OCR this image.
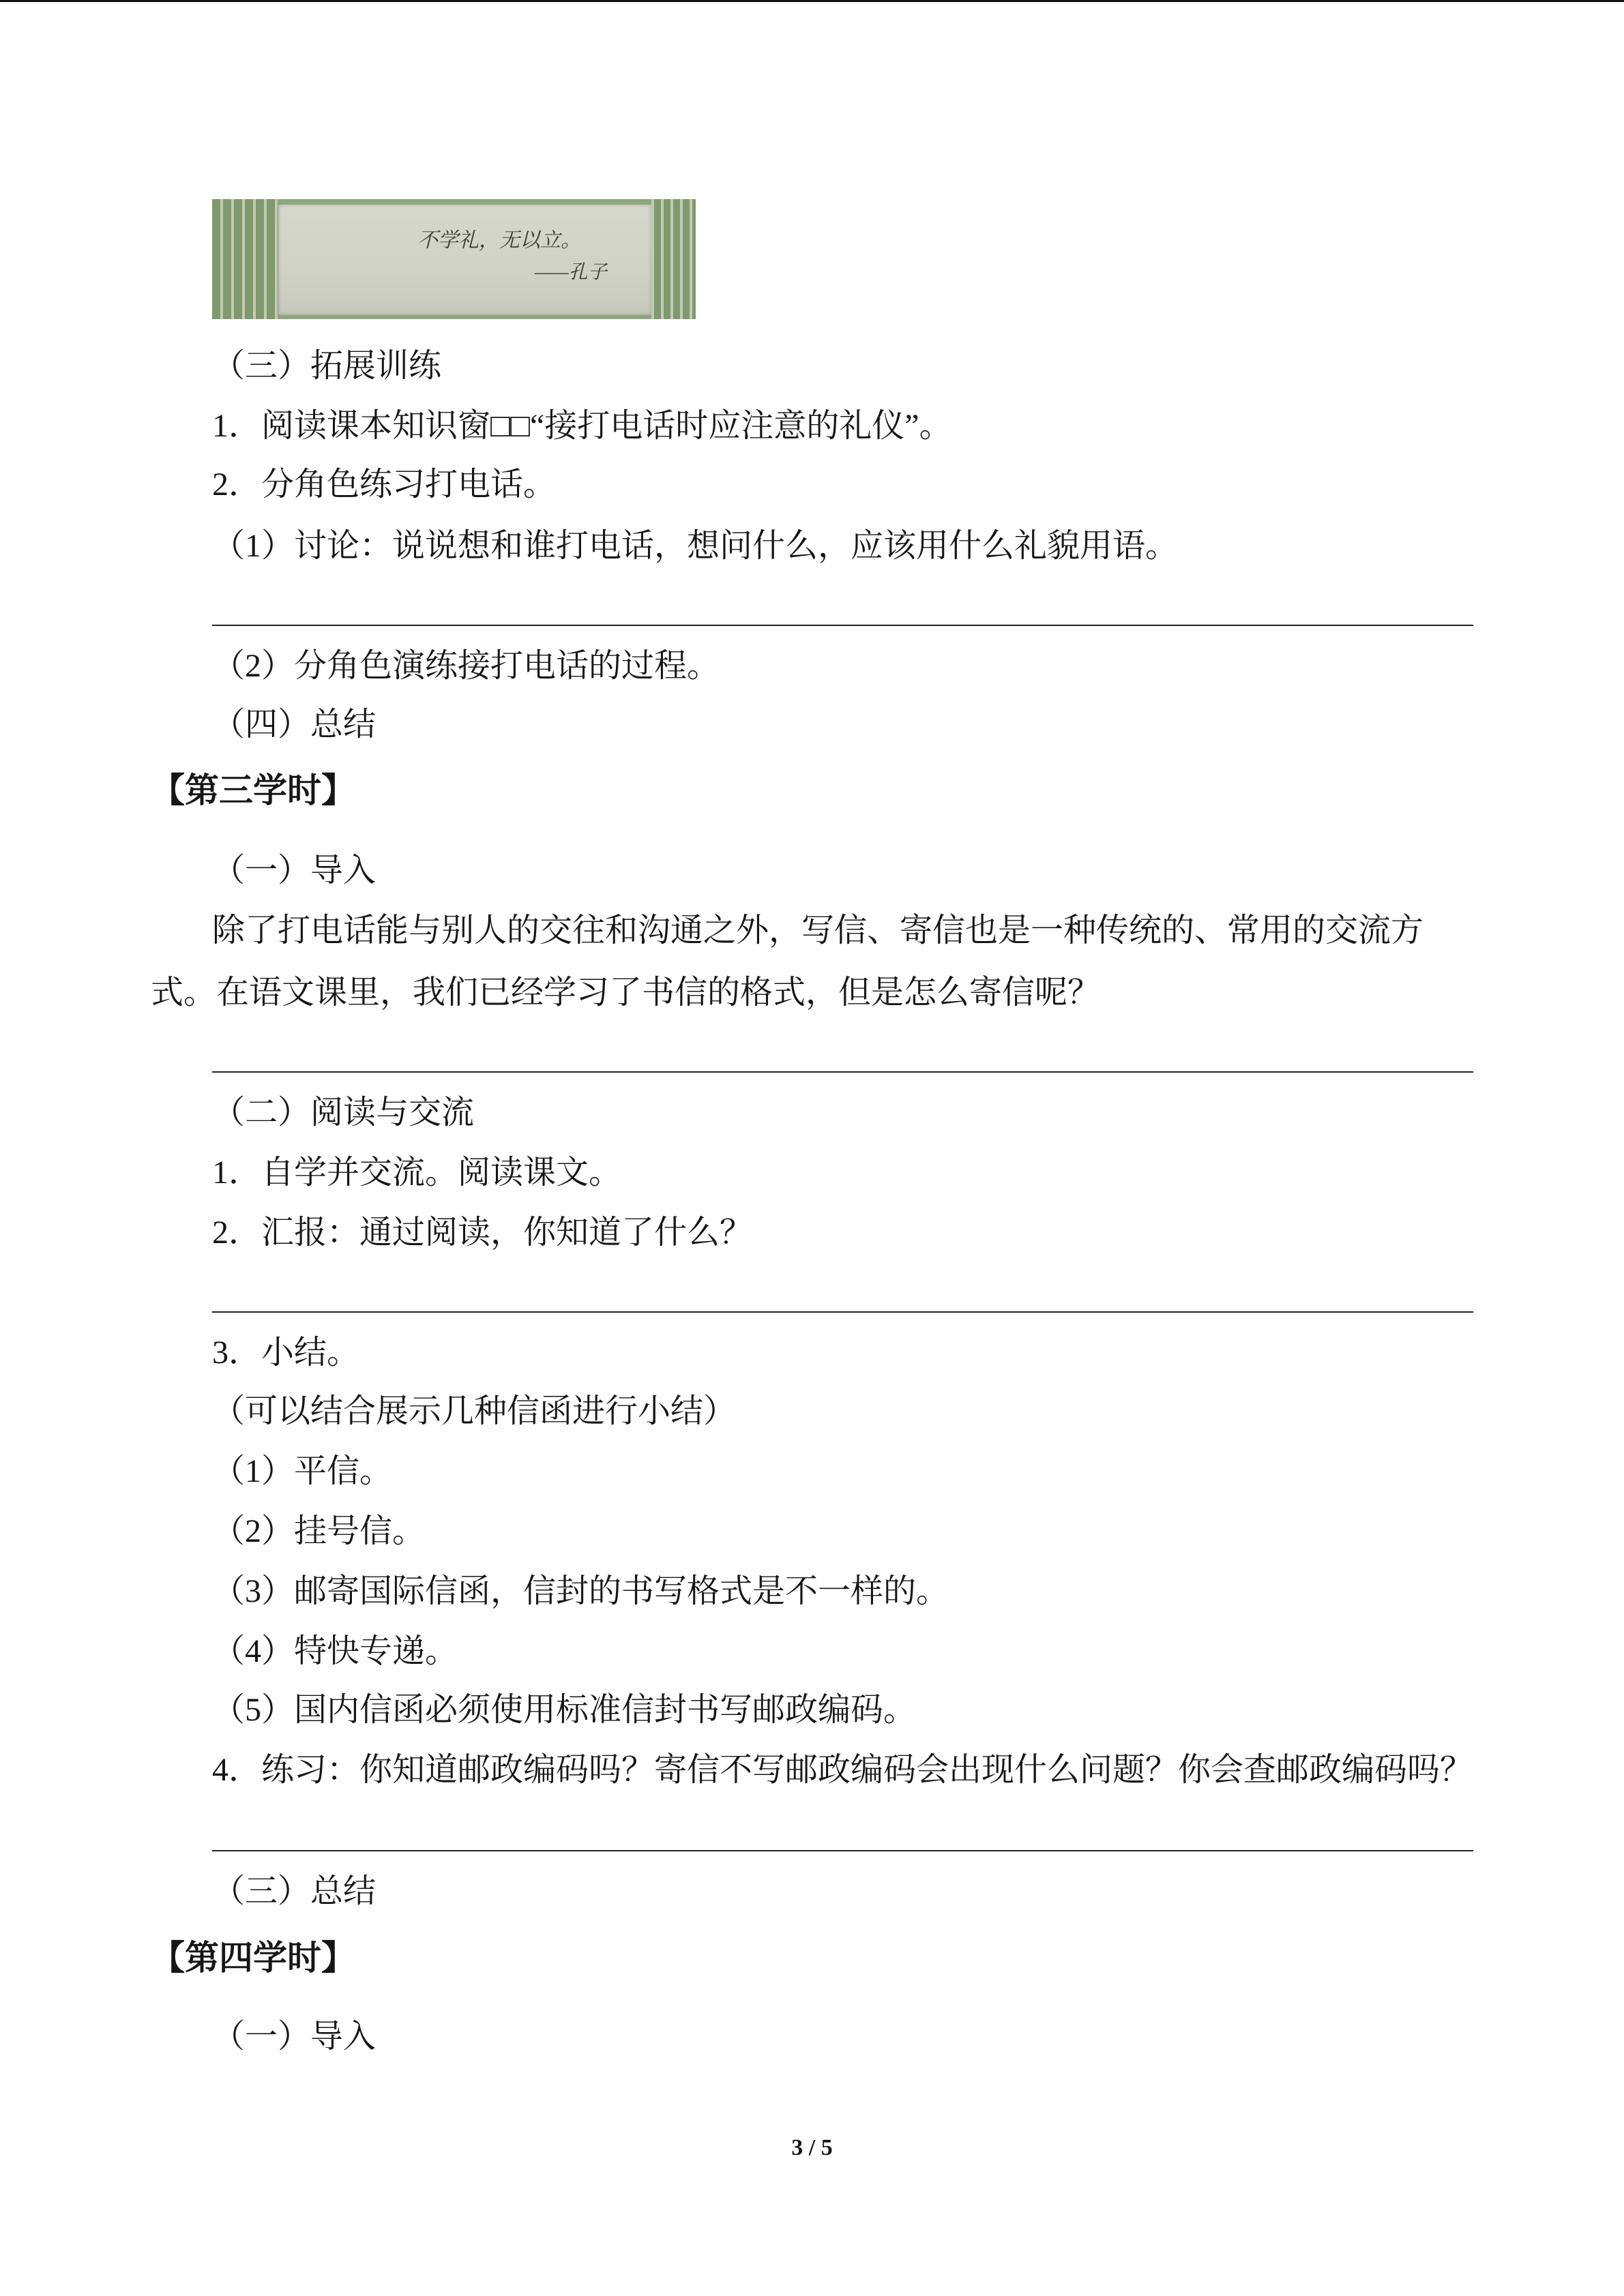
不学礼，无以立。
——孔子
（三）拓展训练
1．阅读课本知识窗□□“接打电话时应注意的礼仪”。
2．分角色练习打电话。
（1）讨论：说说想和谁打电话，想问什么，应该用什么礼貌用语。
（2）分角色演练接打电话的过程。
（四）总结
【第三学时】
（一）导入
除了打电话能与别人的交往和沟通之外，写信、寄信也是一种传统的、常用的交流方
式。在语文课里，我们已经学习了书信的格式，但是怎么寄信呢？
（二）阅读与交流
1．自学并交流。阅读课文。
2．汇报：通过阅读，你知道了什么？
3．小结。
（可以结合展示几种信函进行小结）
（1）平信。
（2）挂号信。
（3）邮寄国际信函，信封的书写格式是不一样的。
（4）特快专递。
（5）国内信函必须使用标准信封书写邮政编码。
4．练习：你知道邮政编码吗？寄信不写邮政编码会出现什么问题？你会查邮政编码吗？
（三）总结
【第四学时】
（一）导入
3 / 5
